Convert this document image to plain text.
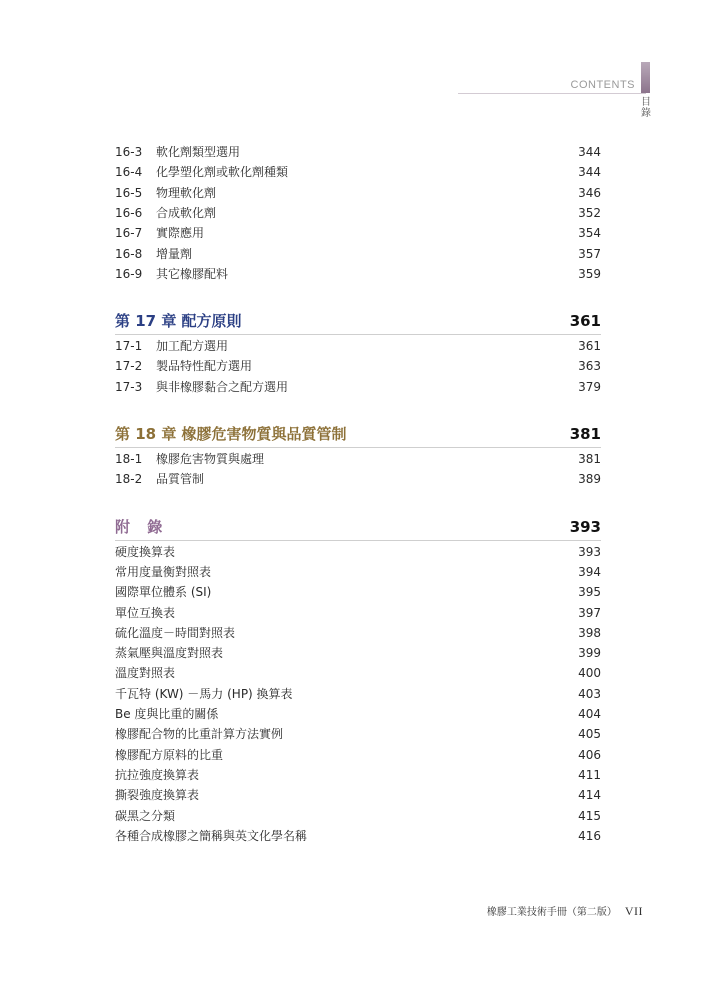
CONTENTS
目錄
16-3 軟化劑類型選用	344
16-4 化學塑化劑或軟化劑種類	344
16-5 物理軟化劑	346
16-6 合成軟化劑	352
16-7 實際應用	354
16-8 增量劑	357
16-9 其它橡膠配料	359
第 17 章 配方原則	361
17-1 加工配方選用	361
17-2 製品特性配方選用	363
17-3 與非橡膠黏合之配方選用	379
第 18 章 橡膠危害物質與品質管制	381
18-1 橡膠危害物質與處理	381
18-2 品質管制	389
附 錄	393
硬度換算表	393
常用度量衡對照表	394
國際單位體系 (SI)	395
單位互換表	397
硫化溫度－時間對照表	398
蒸氣壓與溫度對照表	399
溫度對照表	400
千瓦特 (KW) －馬力 (HP) 換算表	403
Be 度與比重的關係	404
橡膠配合物的比重計算方法實例	405
橡膠配方原料的比重	406
抗拉強度換算表	411
撕裂強度換算表	414
碳黑之分類	415
各種合成橡膠之簡稱與英文化學名稱	416
橡膠工業技術手冊（第二版） VII
